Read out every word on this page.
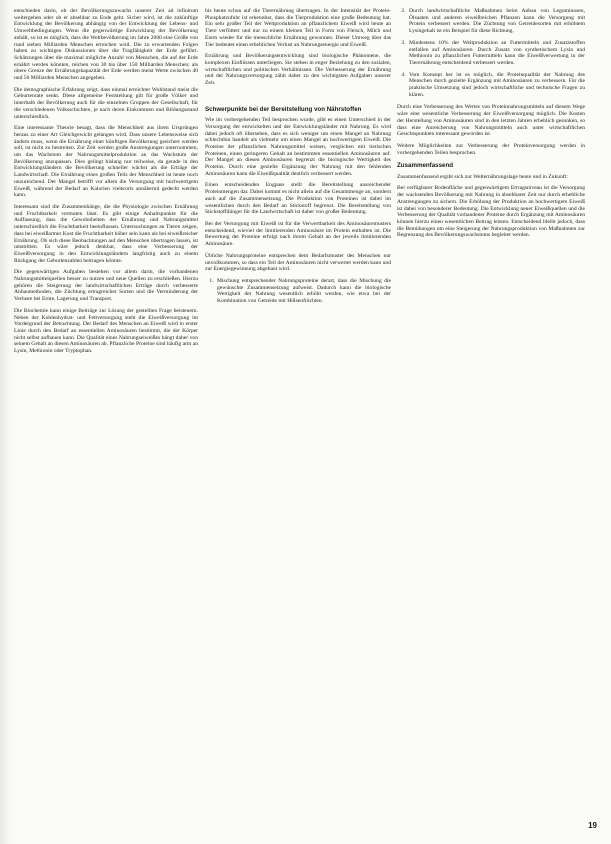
entschieden darin, ob der Bevölkerungszuwachs unserer Zeit ad infinitum weitergehen oder ob er absehbar zu Ende geht. Sicher wird, ist die zukünftige Entwicklung der Bevölkerung abhängig von der Entwicklung der Lebens- und Umweltbedingungen. Wenn die gegenwärtige Entwicklung der Bevölkerung anhält, so ist es möglich, dass die Weltbevölkerung im Jahre 2000 eine Größe von rund sieben Milliarden Menschen erreichen wird. Die zu erwartenden Folgen haben zu wichtigen Diskussionen über die Tragfähigkeit der Erde geführt. Schätzungen über die maximal mögliche Anzahl von Menschen, die auf der Erde ernährt werden könnten, reichen von 30 bis über 150 Milliarden Menschen; als obere Grenze der Ernährungskapazität der Erde werden meist Werte zwischen 40 und 50 Milliarden Menschen angegeben.

Die demographische Erfahrung zeigt, dass einmal erreichter Wohlstand meist die Geburtenrate senkt. Diese allgemeine Feststellung gilt für große Völker und innerhalb der Bevölkerung auch für die einzelnen Gruppen der Gesellschaft, für die verschiedenen Volksschichten, je nach deren Einkommen und Bildungsstand unterschiedlich.

Eine interessante Theorie besagt, dass die Menschheit aus ihren Ursprüngen heraus zu einer Art Gleichgewicht gelangen wird. Dass unsere Lebensweise sich ändern muss, wenn die Ernährung einer künftigen Bevölkerung gesichert werden soll, ist nicht zu bestreiten. Zur Zeit werden große Anstrengungen unternommen, um das Wachstum der Nahrungsmittelproduktion an das Wachstum der Bevölkerung anzupassen. Dies gelingt bislang nur teilweise, da gerade in den Entwicklungsländern die Bevölkerung schneller wächst als die Erträge der Landwirtschaft. Die Ernährung eines großen Teils der Menschheit ist heute noch unzureichend. Der Mangel betrifft vor allem die Versorgung mit hochwertigem Eiweiß, während der Bedarf an Kalorien vielerorts annähernd gedeckt werden kann.

Interessant sind die Zusammenhänge, die die Physiologie zwischen Ernährung und Fruchtbarkeit vermuten lässt. Es gibt einige Anhaltspunkte für die Auffassung, dass die Gewohnheiten der Ernährung und Nahrungsmittel unterschiedlich die Fruchtbarkeit beeinflussen. Untersuchungen an Tieren zeigen, dass bei eiweißarmer Kost die Fruchtbarkeit höher sein kann als bei eiweißreicher Ernährung. Ob sich diese Beobachtungen auf den Menschen übertragen lassen, ist umstritten. Es wäre jedoch denkbar, dass eine Verbesserung der Eiweißversorgung in den Entwicklungsländern langfristig auch zu einem Rückgang der Geburtenzahlen beitragen könnte.

Die gegenwärtigen Aufgaben bestehen vor allem darin, die vorhandenen Nahrungsmittelquellen besser zu nutzen und neue Quellen zu erschließen. Hierzu gehören die Steigerung der landwirtschaftlichen Erträge durch verbesserte Anbaumethoden, die Züchtung ertragreicher Sorten und die Verminderung der Verluste bei Ernte, Lagerung und Transport.

Die Biochemie kann einige Beiträge zur Lösung der gestellten Frage beisteuern. Neben der Kohlenhydrat- und Fettversorgung steht die Eiweißversorgung im Vordergrund der Betrachtung. Der Bedarf des Menschen an Eiweiß wird in erster Linie durch den Bedarf an essentiellen Aminosäuren bestimmt, die der Körper nicht selbst aufbauen kann. Die Qualität eines Nahrungseiweißes hängt daher von seinem Gehalt an diesen Aminosäuren ab. Pflanzliche Proteine sind häufig arm an Lysin, Methionin oder Tryptophan.

bis heute schon auf die Tierernährung übertragen. In der Intensität der Protein-Phosphatzufuhr ist erkennbar, dass die Tierproduktion eine große Bedeutung hat. Ein sehr großer Teil der Weltproduktion an pflanzlichem Eiweiß wird heute an Tiere verfüttert und nur zu einem kleinen Teil in Form von Fleisch, Milch und Eiern wieder für die menschliche Ernährung gewonnen. Dieser Umweg über das Tier bedeutet einen erheblichen Verlust an Nahrungsenergie und Eiweiß.

Ernährung und Bevölkerungsentwicklung sind biologische Phänomene, die komplexen Einflüssen unterliegen. Sie stehen in enger Beziehung zu den sozialen, wirtschaftlichen und politischen Verhältnissen. Die Verbesserung der Ernährung und der Nahrungsversorgung zählt daher zu den wichtigsten Aufgaben unserer Zeit.

Schwerpunkte bei der Bereitstellung von Nährstoffen

Wie im vorhergehenden Teil besprochen wurde, gibt es einen Unterschied in der Versorgung der entwickelten und der Entwicklungsländer mit Nahrung. Es wird dabei jedoch oft übersehen, dass es sich weniger um einen Mangel an Nahrung schlechthin handelt als vielmehr um einen Mangel an hochwertigem Eiweiß. Die Proteine der pflanzlichen Nahrungsmittel weisen, verglichen mit tierischen Proteinen, einen geringeren Gehalt an bestimmten essentiellen Aminosäuren auf. Der Mangel an diesen Aminosäuren begrenzt die biologische Wertigkeit des Proteins. Durch eine gezielte Ergänzung der Nahrung mit den fehlenden Aminosäuren kann die Eiweißqualität deutlich verbessert werden.

Einen entscheidenden Engpass stellt die Bereitstellung ausreichender Proteinmengen dar. Dabei kommt es nicht allein auf die Gesamtmenge an, sondern auch auf die Zusammensetzung. Die Produktion von Proteinen ist dabei im wesentlichen durch den Bedarf an Stickstoff begrenzt. Die Bereitstellung von Stickstoffdünger für die Landwirtschaft ist daher von großer Bedeutung.

Bei der Versorgung mit Eiweiß ist für die Verwertbarkeit des Aminosäuremusters entscheidend, wieviel der limitierenden Aminosäure im Protein enthalten ist. Die Bewertung der Proteine erfolgt nach ihrem Gehalt an der jeweils limitierenden Aminosäure.

Übliche Nahrungsproteine entsprechen dem Bedarfsmuster des Menschen nur unvollkommen, so dass ein Teil der Aminosäuren nicht verwertet werden kann und zur Energiegewinnung abgebaut wird.

1. Mischung entsprechender Nahrungsproteine derart, dass die Mischung die gewünschte Zusammensetzung aufweist. Dadurch kann die biologische Wertigkeit der Nahrung wesentlich erhöht werden, wie etwa bei der Kombination von Getreide mit Hülsenfrüchten.
2. Durch landwirtschaftliche Maßnahmen beim Anbau von Leguminosen, Ölsaaten und anderen eiweißreichen Pflanzen kann die Versorgung mit Protein verbessert werden. Die Züchtung von Getreidesorten mit erhöhtem Lysingehalt ist ein Beispiel für diese Richtung.
3. Mindestens 10% der Weltproduktion an Futtermitteln und Zusatzstoffen entfallen auf Aminosäuren. Durch Zusatz von synthetischem Lysin und Methionin zu pflanzlichen Futtermitteln kann die Eiweißverwertung in der Tierernährung entscheidend verbessert werden.
4. Vom Konzept her ist es möglich, die Proteinqualität der Nahrung des Menschen durch gezielte Ergänzung mit Aminosäuren zu verbessern. Für die praktische Umsetzung sind jedoch wirtschaftliche und technische Fragen zu klären.

Durch eine Verbesserung des Wertes von Proteinnahrungsmitteln auf diesem Wege wäre eine wesentliche Verbesserung der Eiweißversorgung möglich. Die Kosten der Herstellung von Aminosäuren sind in den letzten Jahren erheblich gesunken, so dass eine Anreicherung von Nahrungsmitteln auch unter wirtschaftlichen Gesichtspunkten interessant geworden ist.

Weitere Möglichkeiten zur Verbesserung der Proteinversorgung werden in vorhergehenden Teilen besprochen.

Zusammenfassend

Zusammenfassend ergibt sich zur Welternährungslage heute und in Zukunft:

Bei verfügbarer Bodenfläche und gegenwärtigem Ertragsniveau ist die Versorgung der wachsenden Bevölkerung mit Nahrung in absehbarer Zeit nur durch erhebliche Anstrengungen zu sichern. Die Erhöhung der Produktion an hochwertigem Eiweiß ist dabei von besonderer Bedeutung. Die Entwicklung neuer Eiweißquellen und die Verbesserung der Qualität vorhandener Proteine durch Ergänzung mit Aminosäuren können hierzu einen wesentlichen Beitrag leisten. Entscheidend bleibt jedoch, dass die Bemühungen um eine Steigerung der Nahrungsproduktion von Maßnahmen zur Begrenzung des Bevölkerungswachstums begleitet werden.

19
